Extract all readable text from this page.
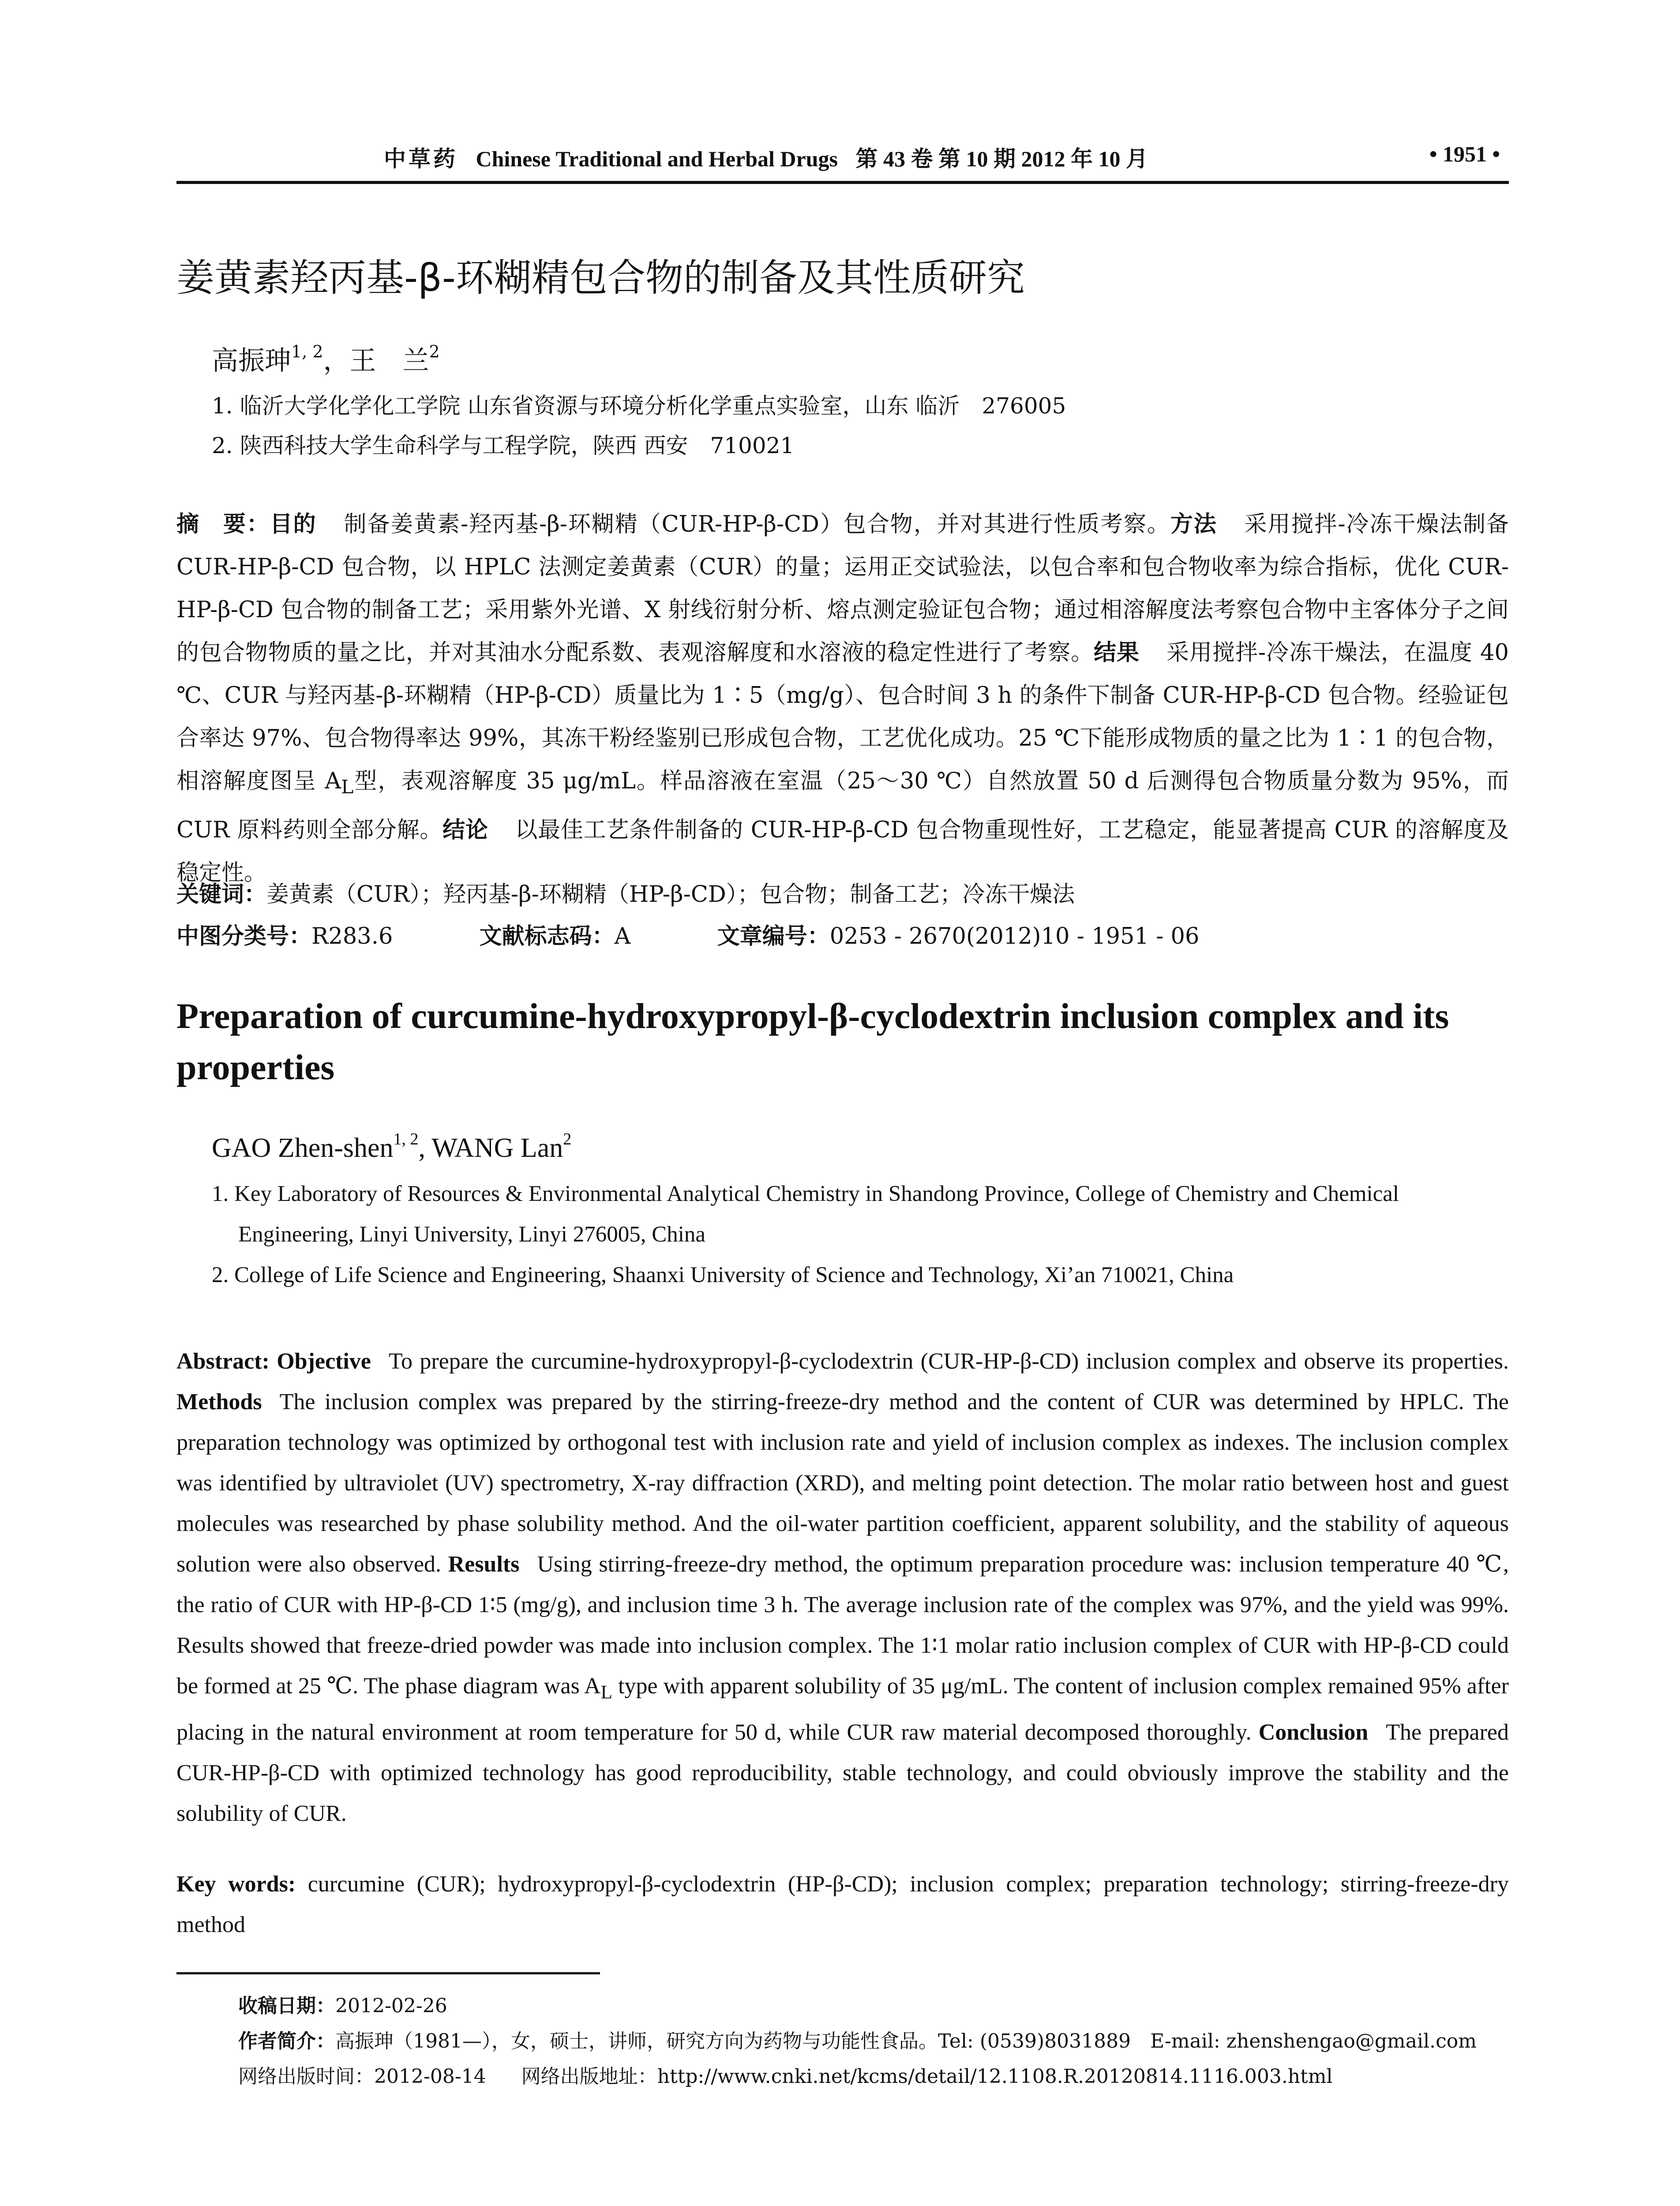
中草药 Chinese Traditional and Herbal Drugs 第 43 卷 第 10 期 2012 年 10 月	• 1951 •
姜黄素羟丙基-β-环糊精包合物的制备及其性质研究
高振珅$^{1, 2}$，王　兰$^2$
1. 临沂大学化学化工学院 山东省资源与环境分析化学重点实验室，山东 临沂　276005
2. 陕西科技大学生命科学与工程学院，陕西 西安　710021
摘　要：目的 制备姜黄素-羟丙基-β-环糊精（CUR-HP-β-CD）包合物，并对其进行性质考察。方法 采用搅拌-冷冻干燥法制备 CUR-HP-β-CD 包合物，以 HPLC 法测定姜黄素（CUR）的量；运用正交试验法，以包合率和包合物收率为综合指标，优化 CUR-HP-β-CD 包合物的制备工艺；采用紫外光谱、X 射线衍射分析、熔点测定验证包合物；通过相溶解度法考察包合物中主客体分子之间的包合物物质的量之比，并对其油水分配系数、表观溶解度和水溶液的稳定性进行了考察。结果 采用搅拌-冷冻干燥法，在温度 40 ℃、CUR 与羟丙基-β-环糊精（HP-β-CD）质量比为 1∶5（mg/g）、包合时间 3 h 的条件下制备 CUR-HP-β-CD 包合物。经验证包合率达 97%、包合物得率达 99%，其冻干粉经鉴别已形成包合物，工艺优化成功。25 ℃下能形成物质的量之比为 1∶1 的包合物，相溶解度图呈 $A_L$型，表观溶解度 35 μg/mL。样品溶液在室温（25～30 ℃）自然放置 50 d 后测得包合物质量分数为 95%，而 CUR 原料药则全部分解。结论 以最佳工艺条件制备的 CUR-HP-β-CD 包合物重现性好，工艺稳定，能显著提高 CUR 的溶解度及稳定性。
关键词：姜黄素（CUR）；羟丙基-β-环糊精（HP-β-CD）；包合物；制备工艺；冷冻干燥法
中图分类号：R283.6	文献标志码：A	文章编号：0253 - 2670(2012)10 - 1951 - 06
Preparation of curcumine-hydroxypropyl-β-cyclodextrin inclusion complex and its properties
GAO Zhen-shen$^{1, 2}$, WANG Lan$^2$
1. Key Laboratory of Resources & Environmental Analytical Chemistry in Shandong Province, College of Chemistry and Chemical Engineering, Linyi University, Linyi 276005, China
2. College of Life Science and Engineering, Shaanxi University of Science and Technology, Xi’an 710021, China
Abstract: Objective To prepare the curcumine-hydroxypropyl-β-cyclodextrin (CUR-HP-β-CD) inclusion complex and observe its properties. Methods The inclusion complex was prepared by the stirring-freeze-dry method and the content of CUR was determined by HPLC. The preparation technology was optimized by orthogonal test with inclusion rate and yield of inclusion complex as indexes. The inclusion complex was identified by ultraviolet (UV) spectrometry, X-ray diffraction (XRD), and melting point detection. The molar ratio between host and guest molecules was researched by phase solubility method. And the oil-water partition coefficient, apparent solubility, and the stability of aqueous solution were also observed. Results Using stirring-freeze-dry method, the optimum preparation procedure was: inclusion temperature 40 ℃, the ratio of CUR with HP-β-CD 1∶5 (mg/g), and inclusion time 3 h. The average inclusion rate of the complex was 97%, and the yield was 99%. Results showed that freeze-dried powder was made into inclusion complex. The 1∶1 molar ratio inclusion complex of CUR with HP-β-CD could be formed at 25 ℃. The phase diagram was $A_L$ type with apparent solubility of 35 μg/mL. The content of inclusion complex remained 95% after placing in the natural environment at room temperature for 50 d, while CUR raw material decomposed thoroughly. Conclusion The prepared CUR-HP-β-CD with optimized technology has good reproducibility, stable technology, and could obviously improve the stability and the solubility of CUR.
Key words: curcumine (CUR); hydroxypropyl-β-cyclodextrin (HP-β-CD); inclusion complex; preparation technology; stirring-freeze-dry method
收稿日期：2012-02-26
作者简介：高振珅（1981—），女，硕士，讲师，研究方向为药物与功能性食品。Tel: (0539)8031889　E-mail: zhenshengao@gmail.com
网络出版时间：2012-08-14 网络出版地址：http://www.cnki.net/kcms/detail/12.1108.R.20120814.1116.003.html
